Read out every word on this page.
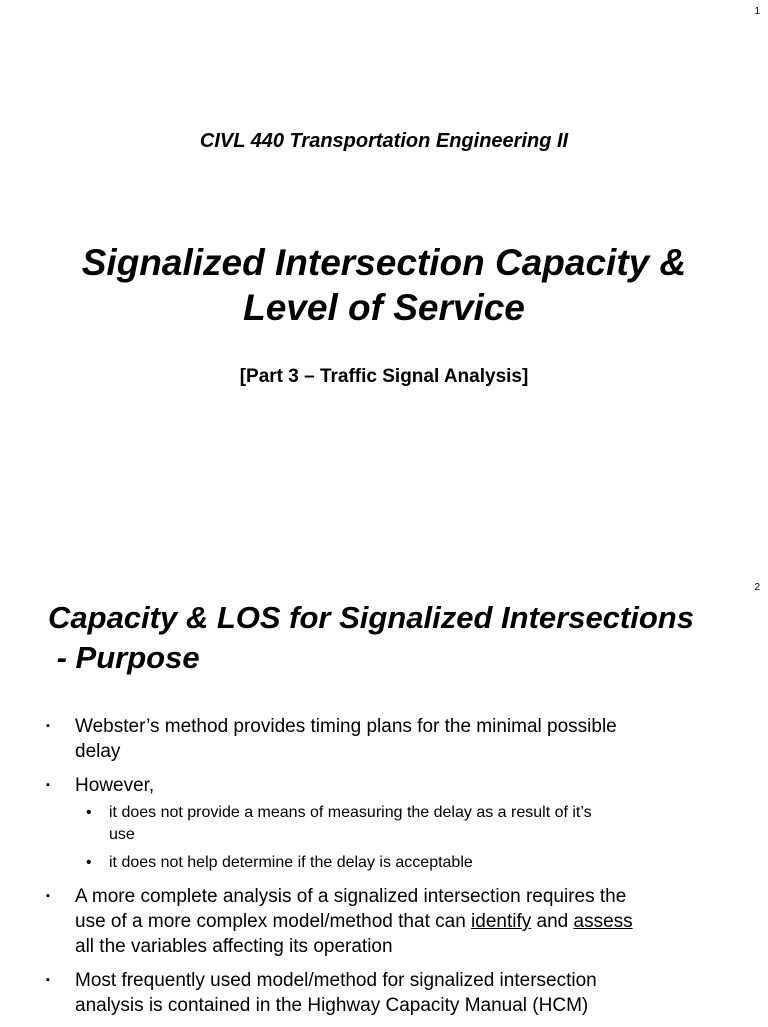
1
CIVL 440 Transportation Engineering II
Signalized Intersection Capacity &
Level of Service
[Part 3 – Traffic Signal Analysis]
2
Capacity & LOS for Signalized Intersections
- Purpose
▪ Webster’s method provides timing plans for the minimal possible
delay
▪ However,
• it does not provide a means of measuring the delay as a result of it’s
use
• it does not help determine if the delay is acceptable
▪ A more complete analysis of a signalized intersection requires the
use of a more complex model/method that can identify and assess
all the variables affecting its operation
▪ Most frequently used model/method for signalized intersection
analysis is contained in the Highway Capacity Manual (HCM)
